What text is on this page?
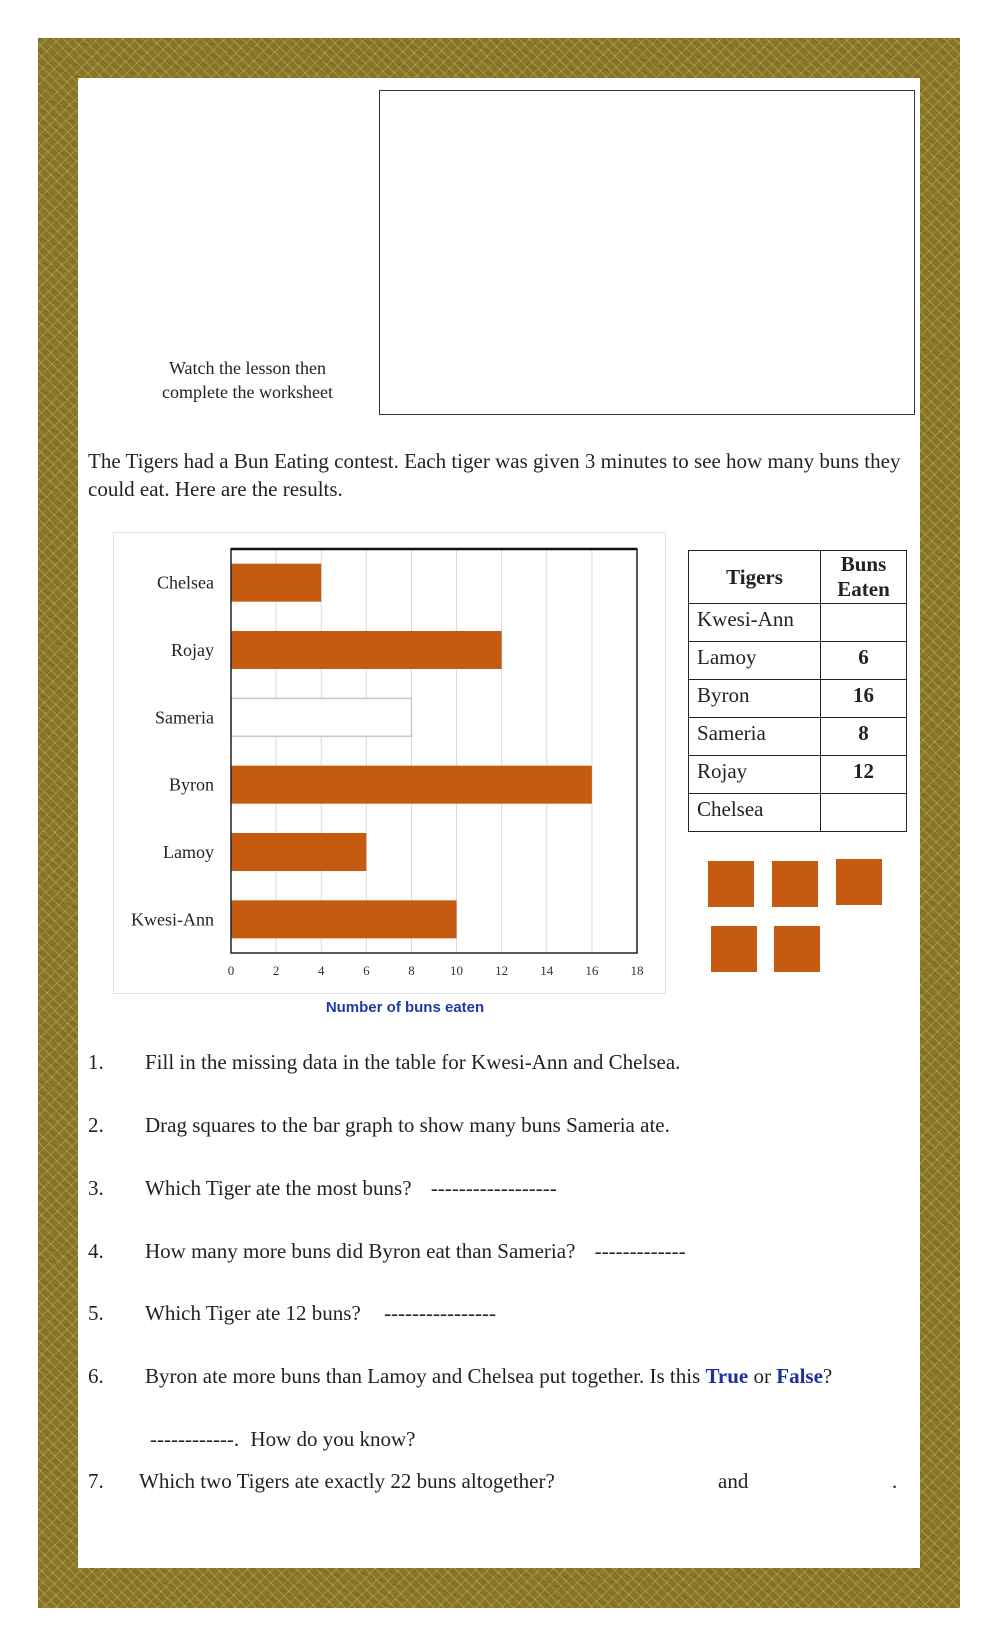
Watch the lesson then complete the worksheet
The Tigers had a Bun Eating contest. Each tiger was given 3 minutes to see how many buns they could eat. Here are the results.
0	2	4	6	8	10 12 14 16 18
Chelsea
Rojay
Sameria
Byron
Lamoy
Kwesi-Ann
Number of buns eaten
Tigers	Buns
Eaten
Kwesi-Ann	
Lamoy	6
Byron	16
Sameria	8
Rojay	12
Chelsea	
1. Fill in the missing data in the table for Kwesi-Ann and Chelsea.
2. Drag squares to the bar graph to show many buns Sameria ate.
3. Which Tiger ate the most buns? ------------------
4. How many more buns did Byron eat than Sameria? -------------
5. Which Tiger ate 12 buns? ----------------
6. Byron ate more buns than Lamoy and Chelsea put together. Is this True or False?
------------. How do you know?
7. Which two Tigers ate exactly 22 buns altogether?	and	.
